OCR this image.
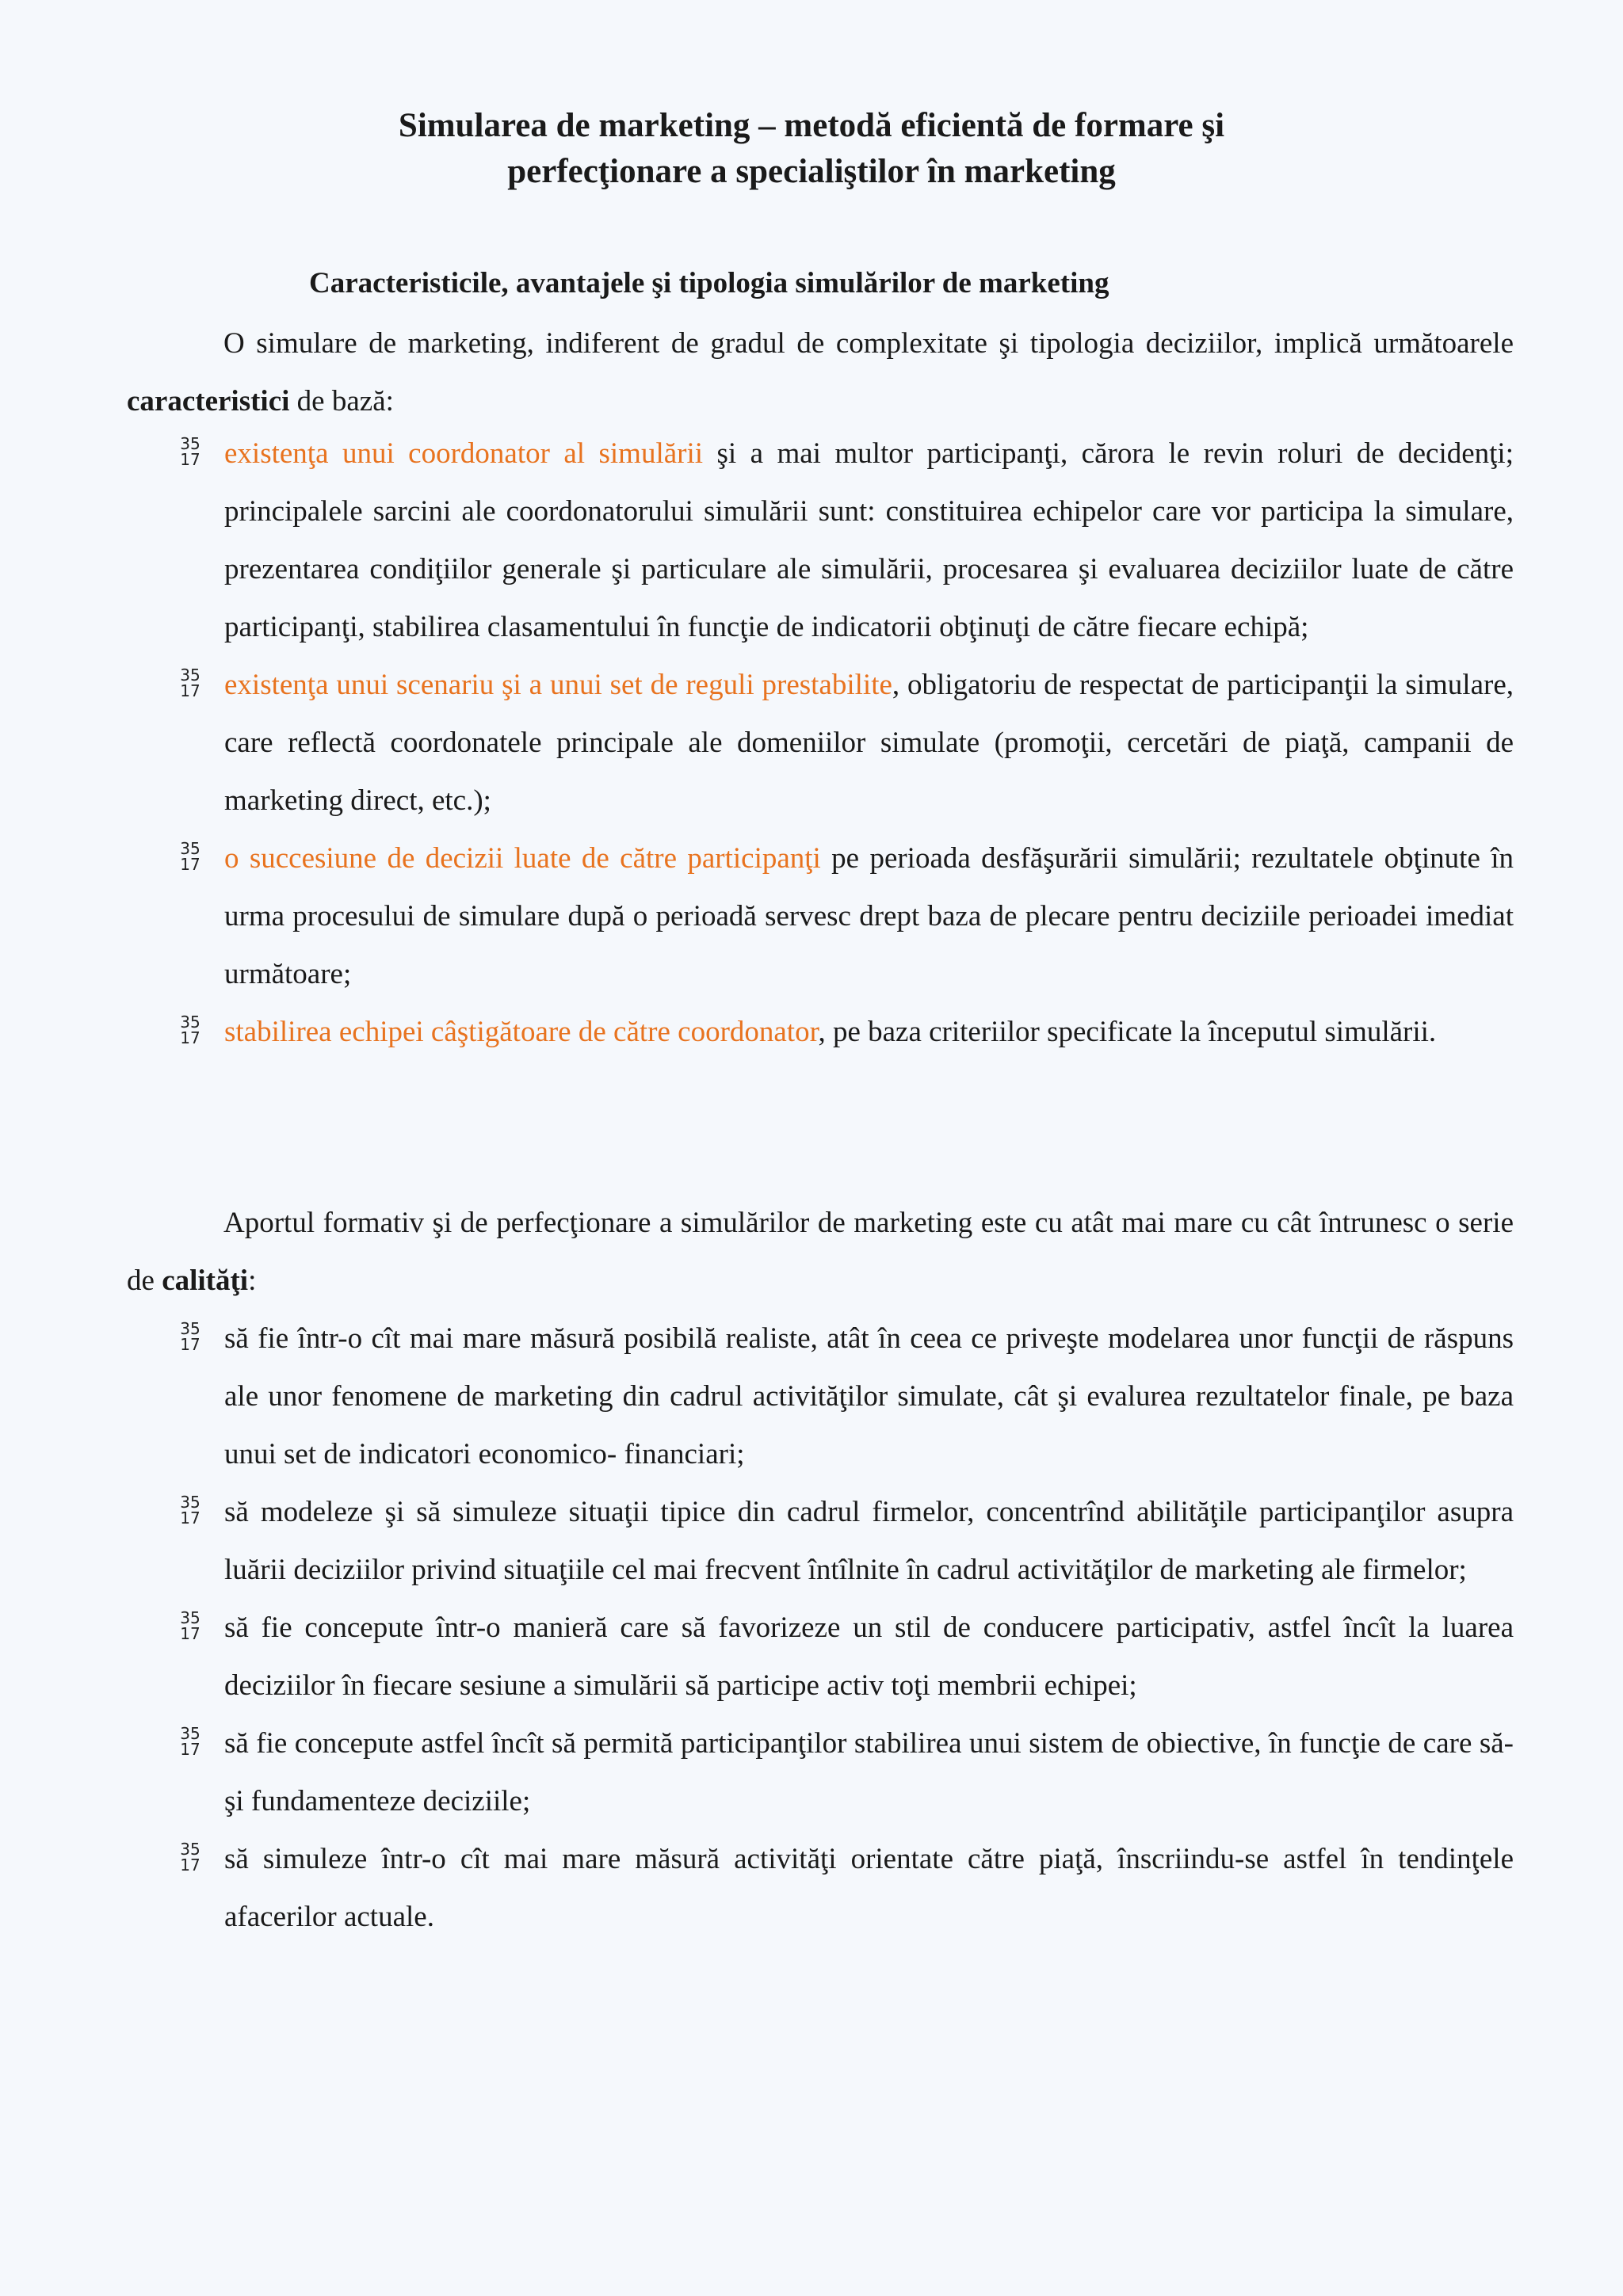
Simularea de marketing – metodă eficientă de formare şi
perfecţionare a specialiştilor în marketing
Caracteristicile, avantajele şi tipologia simulărilor de marketing

O simulare de marketing, indiferent de gradul de complexitate şi tipologia deciziilor, implică următoarele caracteristici de bază:

35
17 existenţa unui coordonator al simulării şi a mai multor participanţi, cărora le revin roluri de decidenţi; principalele sarcini ale coordonatorului simulării sunt: constituirea echipelor care vor participa la simulare, prezentarea condiţiilor generale şi particulare ale simulării, procesarea şi evaluarea deciziilor luate de către participanţi, stabilirea clasamentului în funcţie de indicatorii obţinuţi de către fiecare echipă;
35
17 existenţa unui scenariu şi a unui set de reguli prestabilite, obligatoriu de respectat de participanţii la simulare, care reflectă coordonatele principale ale domeniilor simulate (promoţii, cercetări de piaţă, campanii de marketing direct, etc.);
35
17 o succesiune de decizii luate de către participanţi pe perioada desfăşurării simulării; rezultatele obţinute în urma procesului de simulare după o perioadă servesc drept baza de plecare pentru deciziile perioadei imediat următoare;
35
17 stabilirea echipei câştigătoare de către coordonator, pe baza criteriilor specificate la începutul simulării.

Aportul formativ şi de perfecţionare a simulărilor de marketing este cu atât mai mare cu cât întrunesc o serie de calităţi:

35
17 să fie într-o cît mai mare măsură posibilă realiste, atât în ceea ce priveşte modelarea unor funcţii de răspuns ale unor fenomene de marketing din cadrul activităţilor simulate, cât şi evalurea rezultatelor finale, pe baza unui set de indicatori economico- financiari;
35
17 să modeleze şi să simuleze situaţii tipice din cadrul firmelor, concentrînd abilităţile participanţilor asupra luării deciziilor privind situaţiile cel mai frecvent întîlnite în cadrul activităţilor de marketing ale firmelor;
35
17 să fie concepute într-o manieră care să favorizeze un stil de conducere participativ, astfel încît la luarea deciziilor în fiecare sesiune a simulării să participe activ toţi membrii echipei;
35
17 să fie concepute astfel încît să permită participanţilor stabilirea unui sistem de obiective, în funcţie de care să-şi fundamenteze deciziile;
35
17 să simuleze într-o cît mai mare măsură activităţi orientate către piaţă, înscriindu-se astfel în tendinţele afacerilor actuale.
